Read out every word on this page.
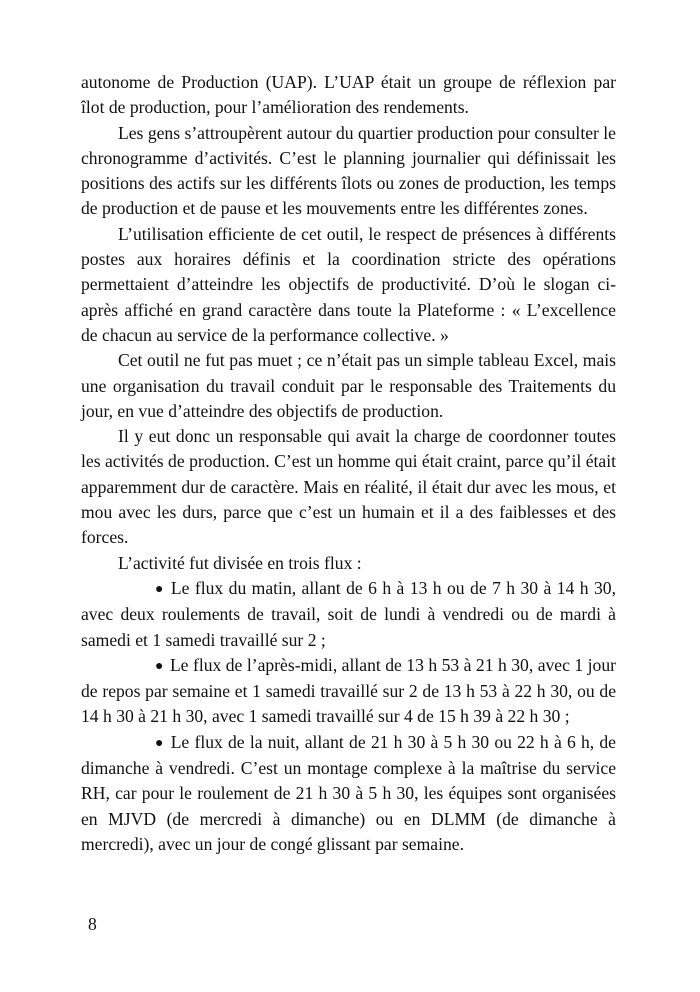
autonome de Production (UAP). L’UAP était un groupe de réflexion par îlot de production, pour l’amélioration des rendements.

Les gens s’attroupèrent autour du quartier production pour consulter le chronogramme d’activités. C’est le planning journalier qui définissait les positions des actifs sur les différents îlots ou zones de production, les temps de production et de pause et les mouvements entre les différentes zones.

L’utilisation efficiente de cet outil, le respect de présences à différents postes aux horaires définis et la coordination stricte des opérations permettaient d’atteindre les objectifs de productivité. D’où le slogan ci-après affiché en grand caractère dans toute la Plateforme : « L’excellence de chacun au service de la performance collective. »

Cet outil ne fut pas muet ; ce n’était pas un simple tableau Excel, mais une organisation du travail conduit par le responsable des Traitements du jour, en vue d’atteindre des objectifs de production.

Il y eut donc un responsable qui avait la charge de coordonner toutes les activités de production. C’est un homme qui était craint, parce qu’il était apparemment dur de caractère. Mais en réalité, il était dur avec les mous, et mou avec les durs, parce que c’est un humain et il a des faiblesses et des forces.

L’activité fut divisée en trois flux :

● Le flux du matin, allant de 6 h à 13 h ou de 7 h 30 à 14 h 30, avec deux roulements de travail, soit de lundi à vendredi ou de mardi à samedi et 1 samedi travaillé sur 2 ;

● Le flux de l’après-midi, allant de 13 h 53 à 21 h 30, avec 1 jour de repos par semaine et 1 samedi travaillé sur 2 de 13 h 53 à 22 h 30, ou de 14 h 30 à 21 h 30, avec 1 samedi travaillé sur 4 de 15 h 39 à 22 h 30 ;

● Le flux de la nuit, allant de 21 h 30 à 5 h 30 ou 22 h à 6 h, de dimanche à vendredi. C’est un montage complexe à la maîtrise du service RH, car pour le roulement de 21 h 30 à 5 h 30, les équipes sont organisées en MJVD (de mercredi à dimanche) ou en DLMM (de dimanche à mercredi), avec un jour de congé glissant par semaine.

8
